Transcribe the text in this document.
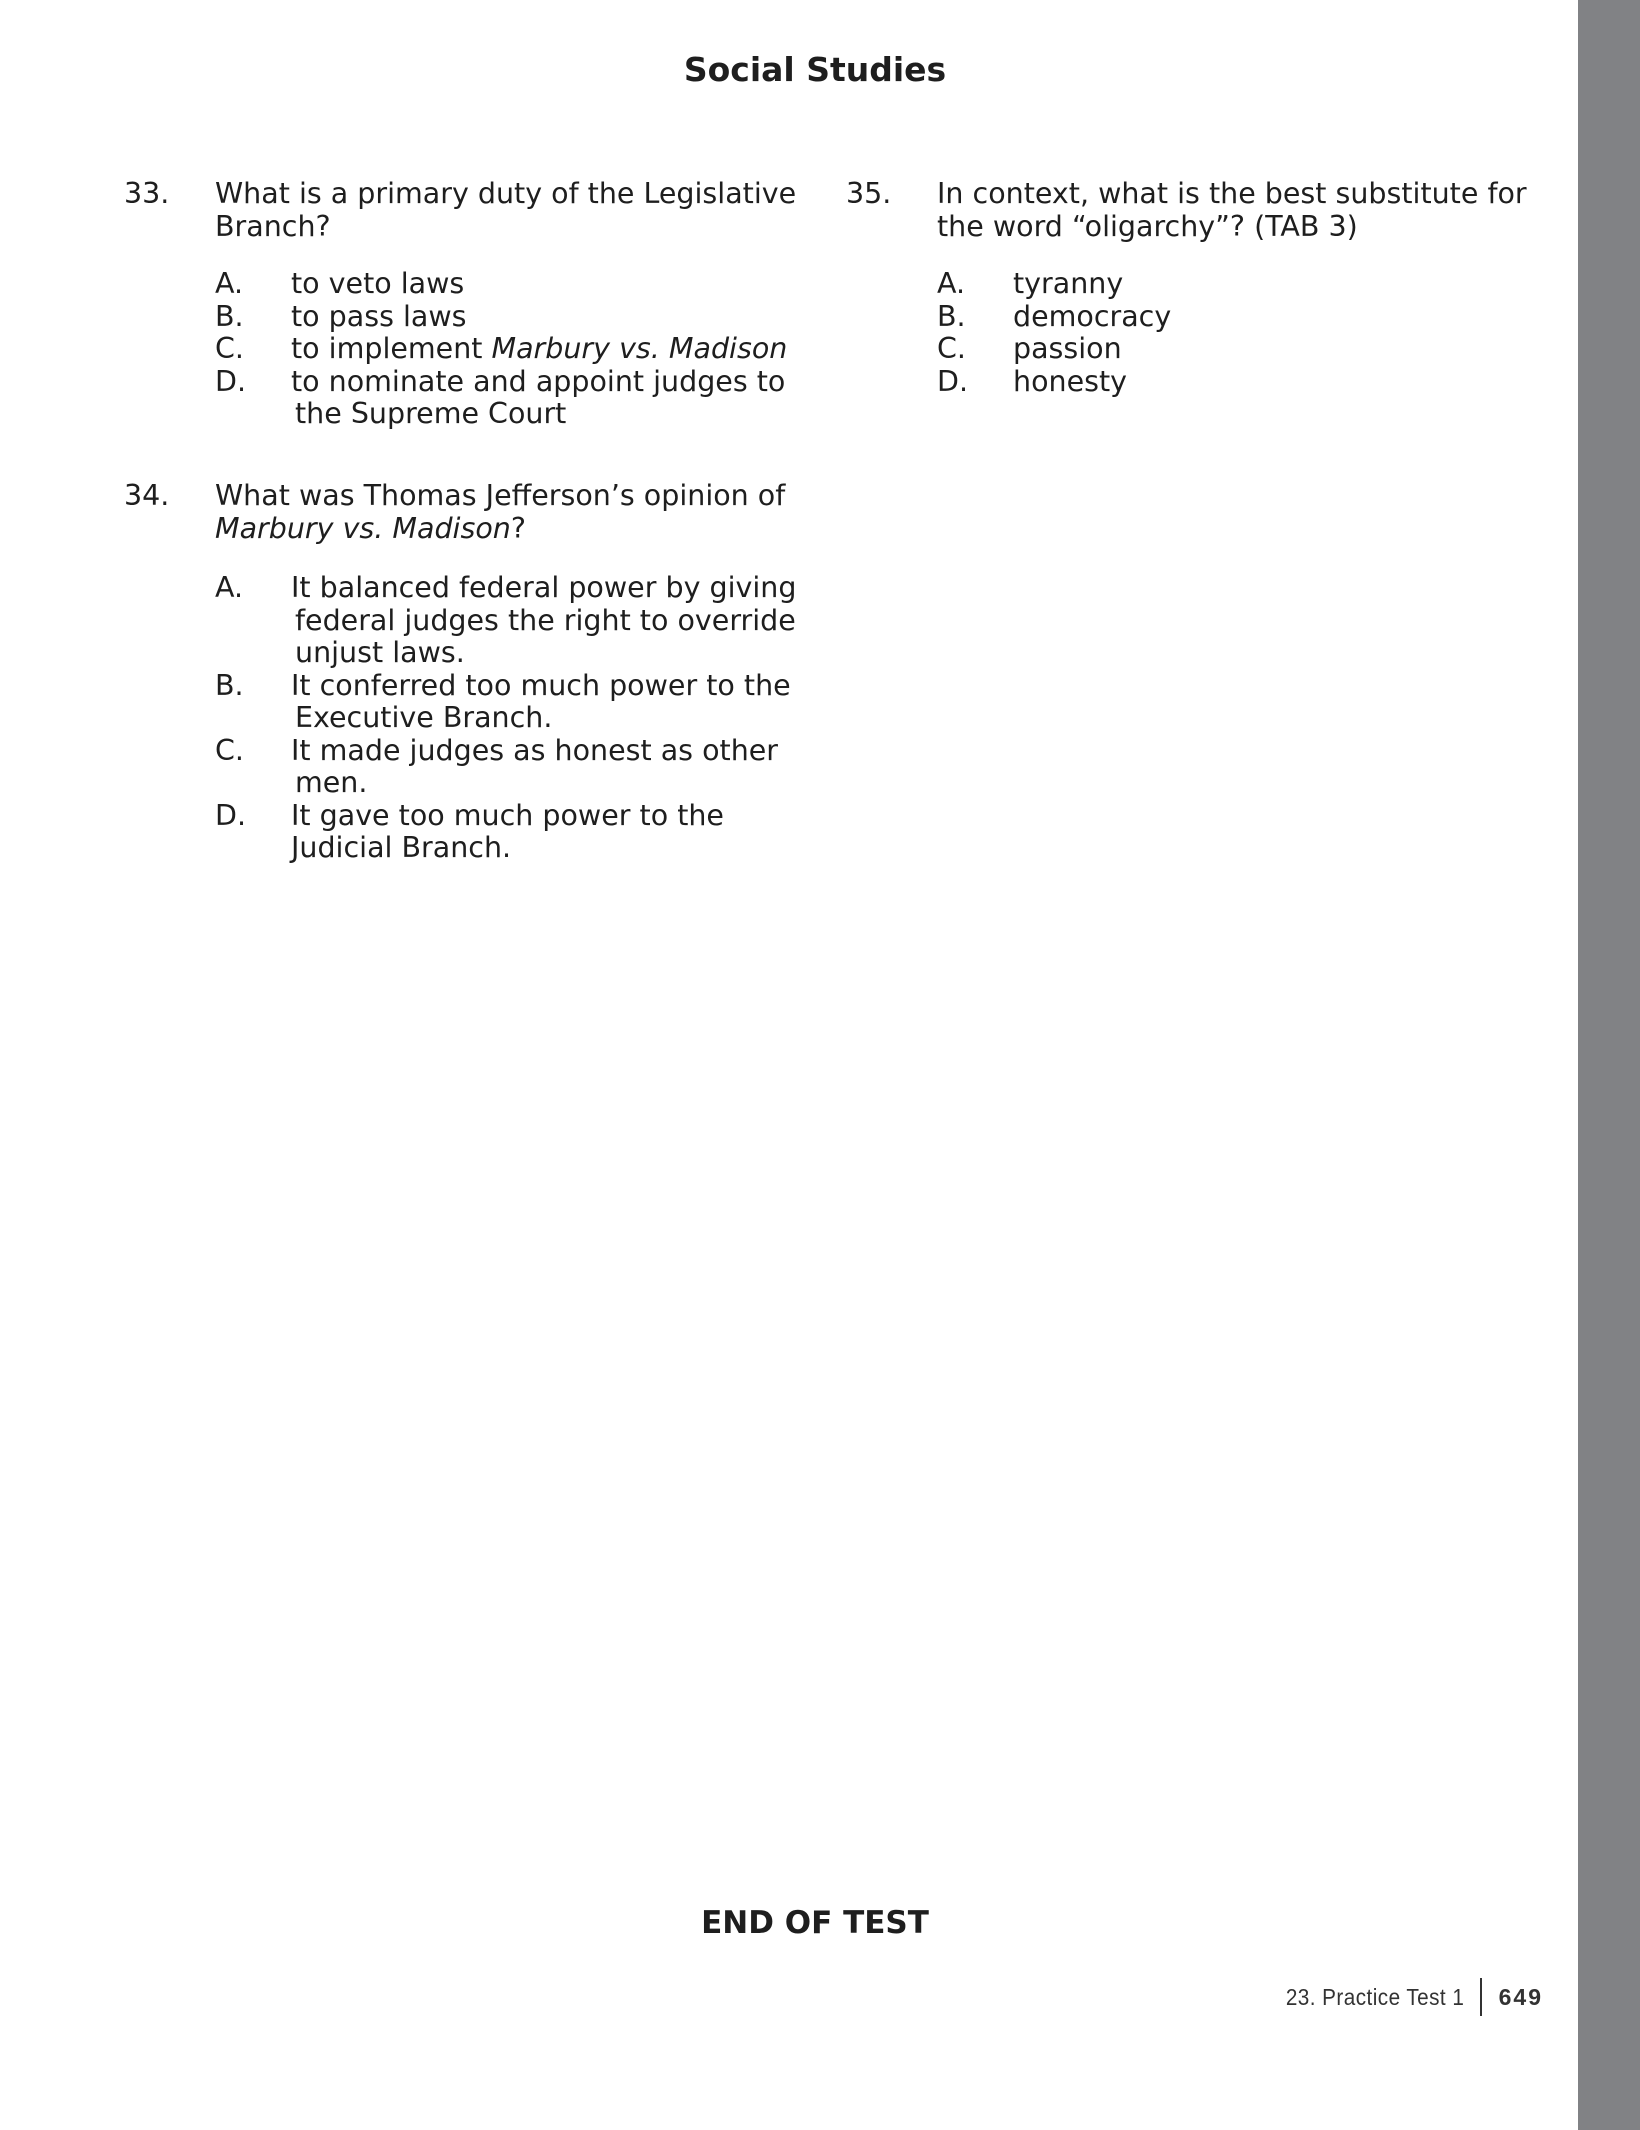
Social Studies
33. What is a primary duty of the Legislative
Branch?
A. to veto laws
B. to pass laws
C. to implement Marbury vs. Madison
D. to nominate and appoint judges to
the Supreme Court
34. What was Thomas Jefferson’s opinion of
Marbury vs. Madison?
A. It balanced federal power by giving
federal judges the right to override
unjust laws.
B. It conferred too much power to the
Executive Branch.
C. It made judges as honest as other
men.
D. It gave too much power to the
Judicial Branch.
35. In context, what is the best substitute for
the word “oligarchy”? (TAB 3)
A. tyranny
B. democracy
C. passion
D. honesty
END OF TEST
23. Practice Test 1 649
